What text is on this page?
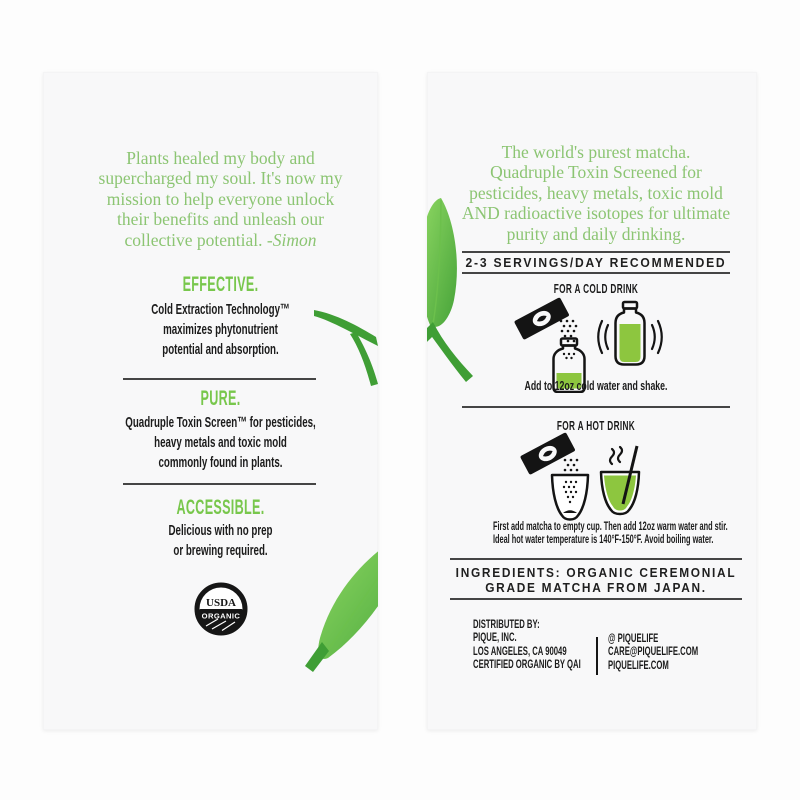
Plants healed my body and
supercharged my soul. It's now my
mission to help everyone unlock
their benefits and unleash our
collective potential. -Simon
EFFECTIVE.
Cold Extraction Technology™
maximizes phytonutrient
potential and absorption.
PURE.
Quadruple Toxin Screen™ for pesticides,
heavy metals and toxic mold
commonly found in plants.
ACCESSIBLE.
Delicious with no prep
or brewing required.
USDA
ORGANIC
The world's purest matcha.
Quadruple Toxin Screened for
pesticides, heavy metals, toxic mold
AND radioactive isotopes for ultimate
purity and daily drinking.
2-3 SERVINGS/DAY RECOMMENDED
FOR A COLD DRINK
Add to 12oz cold water and shake.
FOR A HOT DRINK
First add matcha to empty cup. Then add 12oz warm water and stir.
Ideal hot water temperature is 140°F-150°F. Avoid boiling water.
INGREDIENTS: ORGANIC CEREMONIAL
GRADE MATCHA FROM JAPAN.
DISTRIBUTED BY:
PIQUE, INC.
LOS ANGELES, CA 90049
CERTIFIED ORGANIC BY QAI
@ PIQUELIFE
CARE@PIQUELIFE.COM
PIQUELIFE.COM
